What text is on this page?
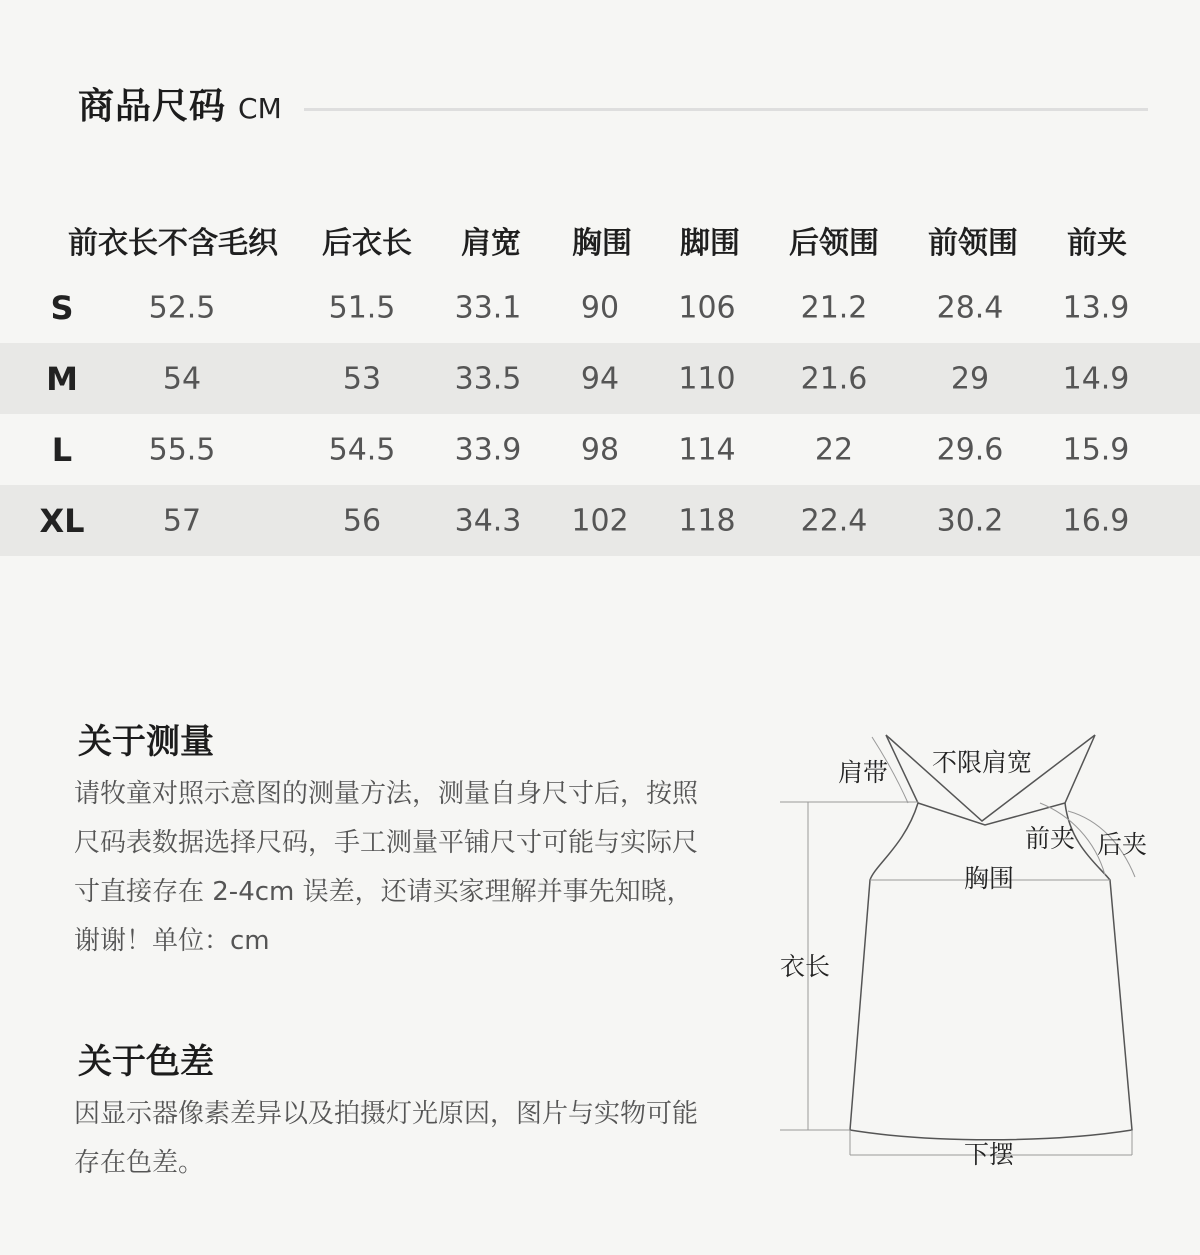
商品尺码 CM
前衣长不含毛织 后衣长 肩宽 胸围 脚围 后领围 前领围 前夹
S	52.5	51.5 33.1 90 106 21.2 28.4 13.9
M	54	53 33.5 94 110 21.6	29 14.9
L	55.5	54.5 33.9 98 114	22	29.6 15.9
XL	57	56 34.3 102 118 22.4 30.2 16.9
关于测量
请牧童对照示意图的测量方法，测量自身尺寸后，按照
尺码表数据选择尺码，手工测量平铺尺寸可能与实际尺
寸直接存在 2-4cm 误差，还请买家理解并事先知晓，
谢谢！单位：cm
关于色差
因显示器像素差异以及拍摄灯光原因，图片与实物可能
存在色差。
肩带 不限肩宽
前夹 后夹
胸围
衣长
下摆
